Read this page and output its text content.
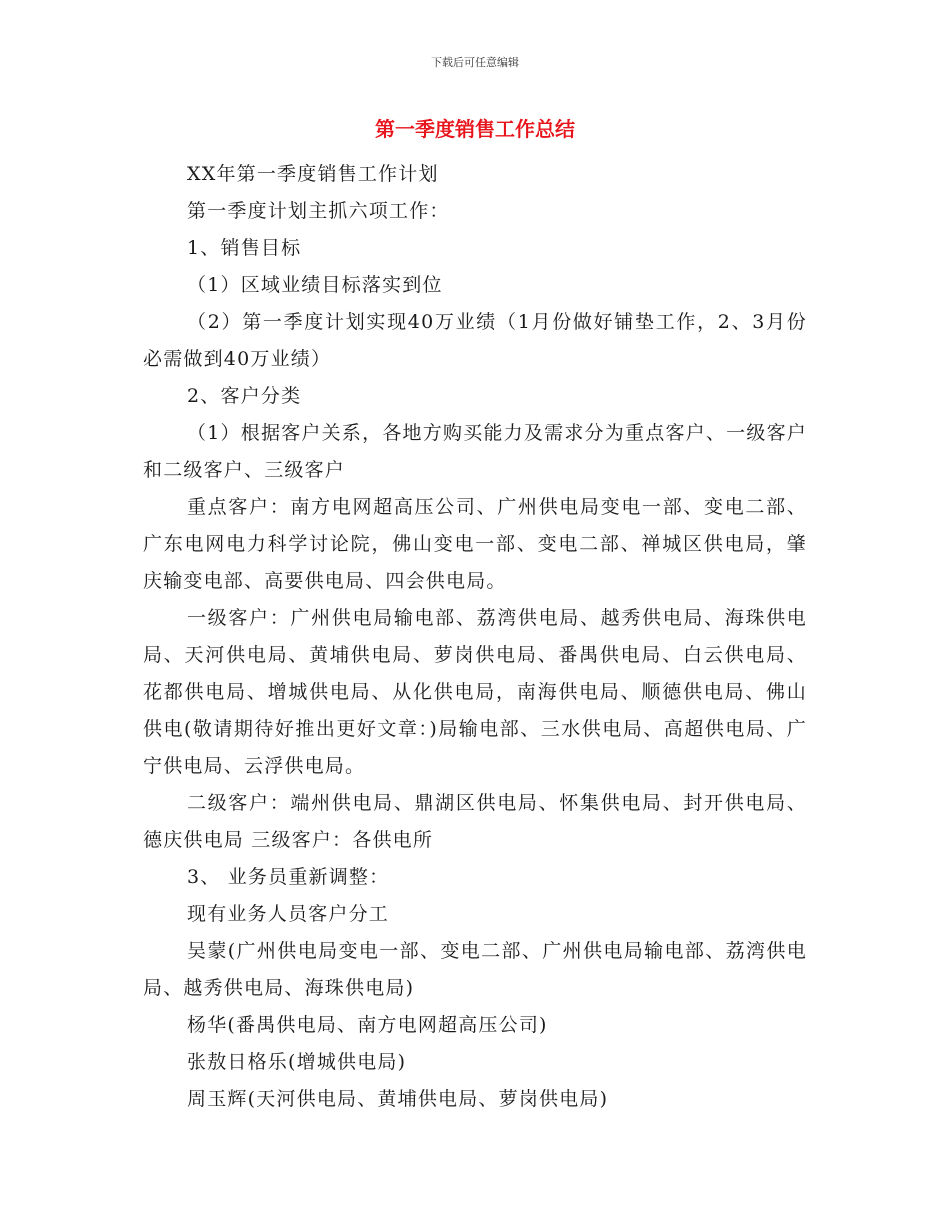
下载后可任意编辑
第一季度销售工作总结

XX年第一季度销售工作计划

第一季度计划主抓六项工作：

1、销售目标

（1）区域业绩目标落实到位

（2）第一季度计划实现40万业绩（1月份做好铺垫工作，2、3月份必需做到40万业绩）

2、客户分类

（1）根据客户关系，各地方购买能力及需求分为重点客户、一级客户和二级客户、三级客户

重点客户：南方电网超高压公司、广州供电局变电一部、变电二部、广东电网电力科学讨论院，佛山变电一部、变电二部、禅城区供电局，肇庆输变电部、高要供电局、四会供电局。

一级客户：广州供电局输电部、荔湾供电局、越秀供电局、海珠供电局、天河供电局、黄埔供电局、萝岗供电局、番禺供电局、白云供电局、花都供电局、增城供电局、从化供电局，南海供电局、顺德供电局、佛山供电(敬请期待好推出更好文章：)局输电部、三水供电局、高超供电局、广宁供电局、云浮供电局。

二级客户：端州供电局、鼎湖区供电局、怀集供电局、封开供电局、德庆供电局 三级客户：各供电所

3、 业务员重新调整：

现有业务人员客户分工

吴蒙(广州供电局变电一部、变电二部、广州供电局输电部、荔湾供电局、越秀供电局、海珠供电局)

杨华(番禺供电局、南方电网超高压公司)

张敖日格乐(增城供电局)

周玉辉(天河供电局、黄埔供电局、萝岗供电局)
